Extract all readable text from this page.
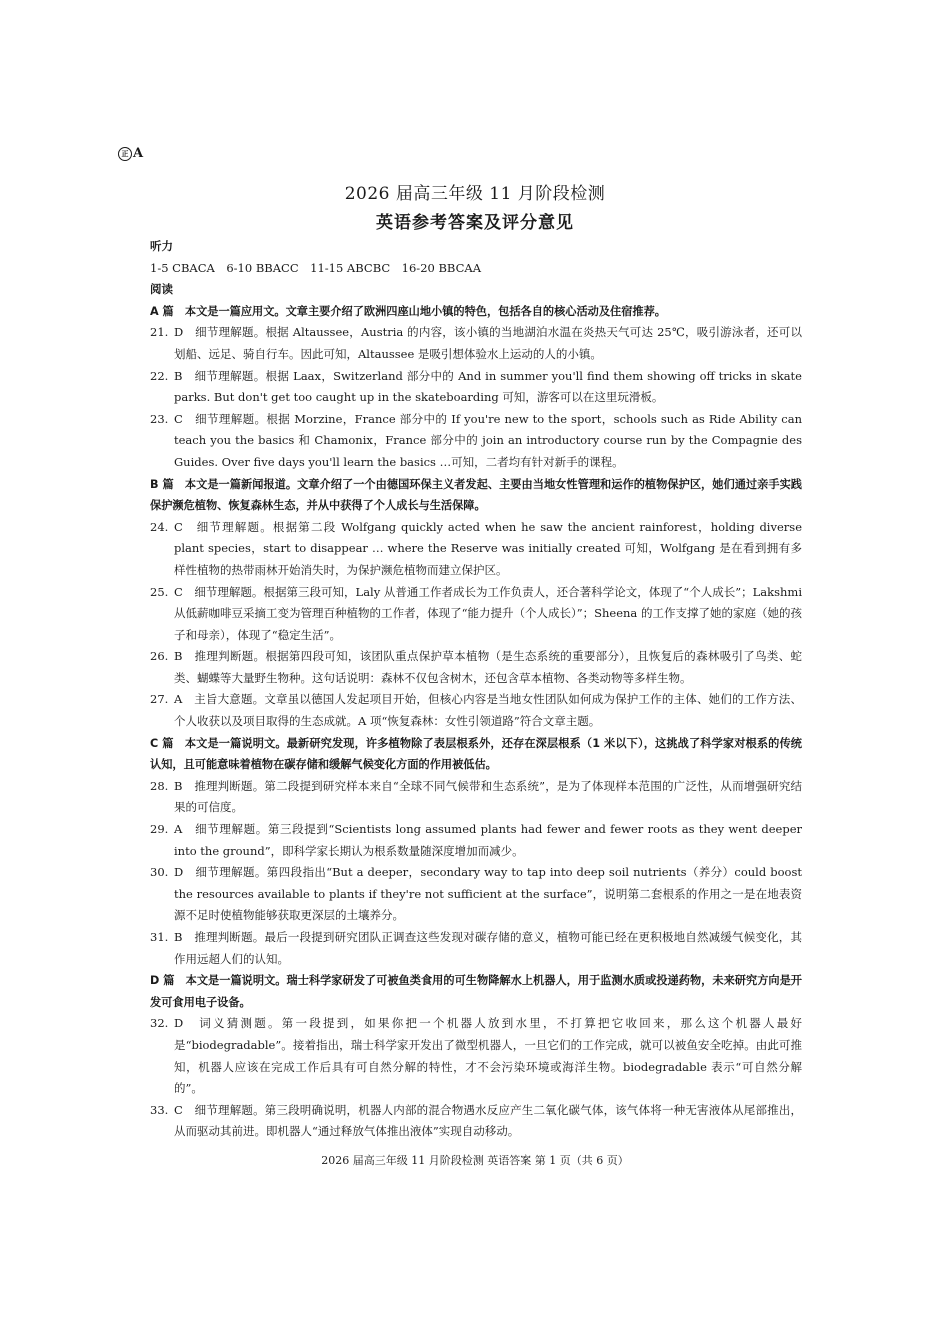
正 A
2026 届高三年级 11 月阶段检测
英语参考答案及评分意见
听力
1-5 CBACA　6-10 BBACC　11-15 ABCBC　16-20 BBCAA
阅读
A 篇　本文是一篇应用文。文章主要介绍了欧洲四座山地小镇的特色，包括各自的核心活动及住宿推荐。
21. D　细节理解题。根据 Altaussee，Austria 的内容，该小镇的当地湖泊水温在炎热天气可达 25℃，吸引游泳者，还可以划船、远足、骑自行车。因此可知，Altaussee 是吸引想体验水上运动的人的小镇。
22. B　细节理解题。根据 Laax，Switzerland 部分中的 And in summer you'll find them showing off tricks in skate parks. But don't get too caught up in the skateboarding 可知，游客可以在这里玩滑板。
23. C　细节理解题。根据 Morzine，France 部分中的 If you're new to the sport，schools such as Ride Ability can teach you the basics 和 Chamonix，France 部分中的 join an introductory course run by the Compagnie des Guides. Over five days you'll learn the basics …可知，二者均有针对新手的课程。
B 篇　本文是一篇新闻报道。文章介绍了一个由德国环保主义者发起、主要由当地女性管理和运作的植物保护区，她们通过亲手实践保护濒危植物、恢复森林生态，并从中获得了个人成长与生活保障。
24. C　细节理解题。根据第二段 Wolfgang quickly acted when he saw the ancient rainforest，holding diverse plant species，start to disappear … where the Reserve was initially created 可知，Wolfgang 是在看到拥有多样性植物的热带雨林开始消失时，为保护濒危植物而建立保护区。
25. C　细节理解题。根据第三段可知，Laly 从普通工作者成长为工作负责人，还合著科学论文，体现了“个人成长”；Lakshmi 从低薪咖啡豆采摘工变为管理百种植物的工作者，体现了“能力提升（个人成长）”；Sheena 的工作支撑了她的家庭（她的孩子和母亲），体现了“稳定生活”。
26. B　推理判断题。根据第四段可知，该团队重点保护草本植物（是生态系统的重要部分），且恢复后的森林吸引了鸟类、蛇类、蝴蝶等大量野生物种。这句话说明：森林不仅包含树木，还包含草本植物、各类动物等多样生物。
27. A　主旨大意题。文章虽以德国人发起项目开始，但核心内容是当地女性团队如何成为保护工作的主体、她们的工作方法、个人收获以及项目取得的生态成就。A 项“恢复森林：女性引领道路”符合文章主题。
C 篇　本文是一篇说明文。最新研究发现，许多植物除了表层根系外，还存在深层根系（1 米以下），这挑战了科学家对根系的传统认知，且可能意味着植物在碳存储和缓解气候变化方面的作用被低估。
28. B　推理判断题。第二段提到研究样本来自“全球不同气候带和生态系统”，是为了体现样本范围的广泛性，从而增强研究结果的可信度。
29. A　细节理解题。第三段提到“Scientists long assumed plants had fewer and fewer roots as they went deeper into the ground”，即科学家长期认为根系数量随深度增加而减少。
30. D　细节理解题。第四段指出“But a deeper，secondary way to tap into deep soil nutrients（养分）could boost the resources available to plants if they're not sufficient at the surface”，说明第二套根系的作用之一是在地表资源不足时使植物能够获取更深层的土壤养分。
31. B　推理判断题。最后一段提到研究团队正调查这些发现对碳存储的意义，植物可能已经在更积极地自然减缓气候变化，其作用远超人们的认知。
D 篇　本文是一篇说明文。瑞士科学家研发了可被鱼类食用的可生物降解水上机器人，用于监测水质或投递药物，未来研究方向是开发可食用电子设备。
32. D　词义猜测题。第一段提到，如果你把一个机器人放到水里，不打算把它收回来，那么这个机器人最好是“biodegradable”。接着指出，瑞士科学家开发出了微型机器人，一旦它们的工作完成，就可以被鱼安全吃掉。由此可推知，机器人应该在完成工作后具有可自然分解的特性，才不会污染环境或海洋生物。biodegradable 表示“可自然分解的”。
33. C　细节理解题。第三段明确说明，机器人内部的混合物遇水反应产生二氧化碳气体，该气体将一种无害液体从尾部推出，从而驱动其前进。即机器人“通过释放气体推出液体”实现自动移动。
2026 届高三年级 11 月阶段检测 英语答案 第 1 页（共 6 页）
